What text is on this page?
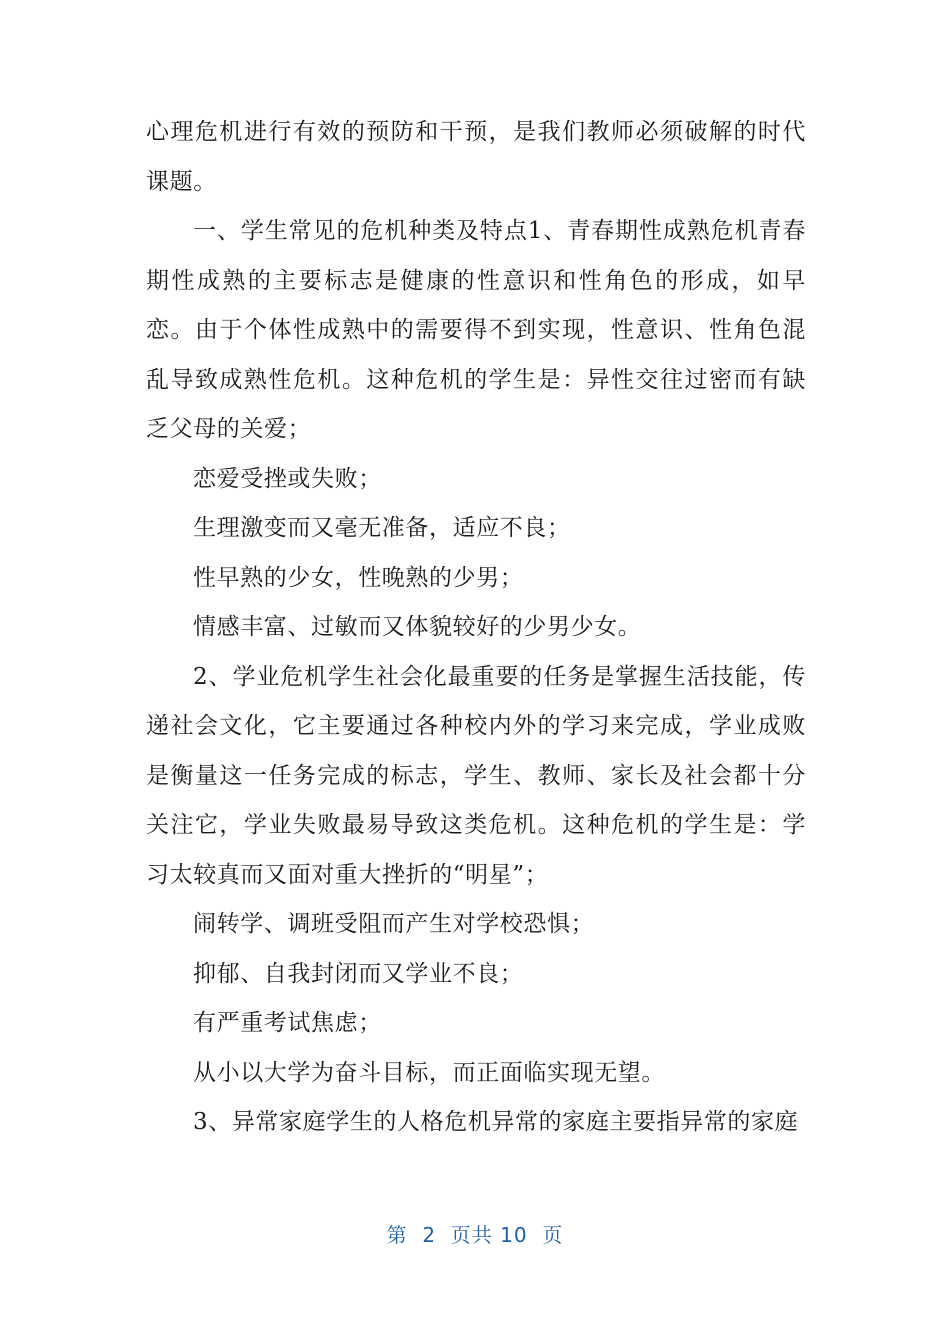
心理危机进行有效的预防和干预，是我们教师必须破解的时代课题。

一、学生常见的危机种类及特点1、青春期性成熟危机青春期性成熟的主要标志是健康的性意识和性角色的形成，如早恋。由于个体性成熟中的需要得不到实现，性意识、性角色混乱导致成熟性危机。这种危机的学生是：异性交往过密而有缺乏父母的关爱；

恋爱受挫或失败；

生理激变而又毫无准备，适应不良；

性早熟的少女，性晚熟的少男；

情感丰富、过敏而又体貌较好的少男少女。

2、学业危机学生社会化最重要的任务是掌握生活技能，传递社会文化，它主要通过各种校内外的学习来完成，学业成败是衡量这一任务完成的标志，学生、教师、家长及社会都十分关注它，学业失败最易导致这类危机。这种危机的学生是：学习太较真而又面对重大挫折的“明星”；

闹转学、调班受阻而产生对学校恐惧；

抑郁、自我封闭而又学业不良；

有严重考试焦虑；

从小以大学为奋斗目标，而正面临实现无望。

3、异常家庭学生的人格危机异常的家庭主要指异常的家庭

第  2  页共 10  页
